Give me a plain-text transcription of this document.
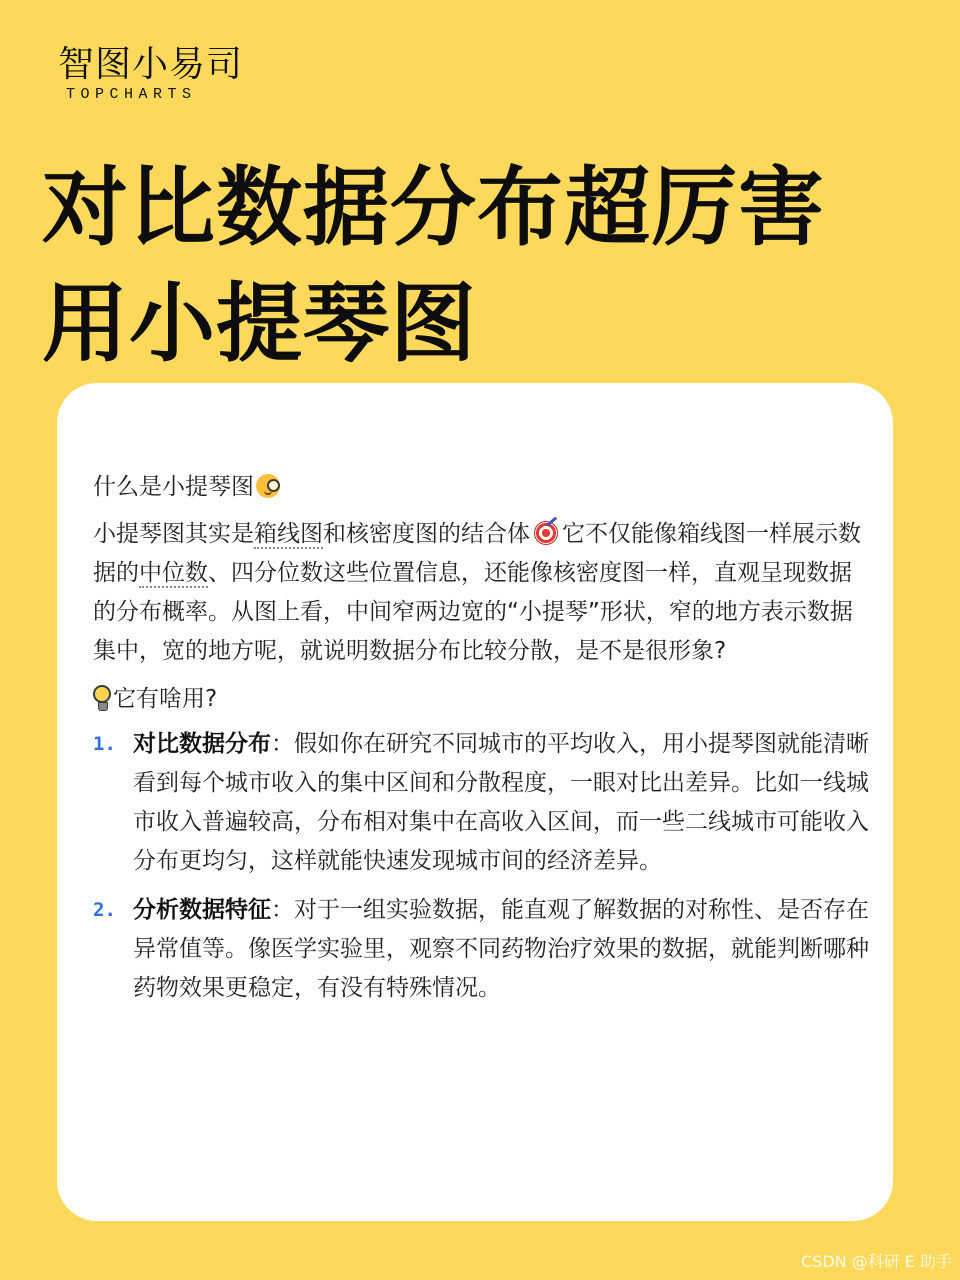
智图小易司
TOPCHARTS
对比数据分布超厉害
用小提琴图
什么是小提琴图
小提琴图其实是箱线图和核密度图的结合体 它不仅能像箱线图一样展示数据的中位数、四分位数这些位置信息，还能像核密度图一样，直观呈现数据的分布概率。从图上看，中间窄两边宽的“小提琴”形状，窄的地方表示数据集中，宽的地方呢，就说明数据分布比较分散，是不是很形象?
它有啥用?
1. 对比数据分布：假如你在研究不同城市的平均收入，用小提琴图就能清晰看到每个城市收入的集中区间和分散程度，一眼对比出差异。比如一线城市收入普遍较高，分布相对集中在高收入区间，而一些二线城市可能收入分布更均匀，这样就能快速发现城市间的经济差异。
2. 分析数据特征：对于一组实验数据，能直观了解数据的对称性、是否存在异常值等。像医学实验里，观察不同药物治疗效果的数据，就能判断哪种药物效果更稳定，有没有特殊情况。
CSDN @科研 E 助手
